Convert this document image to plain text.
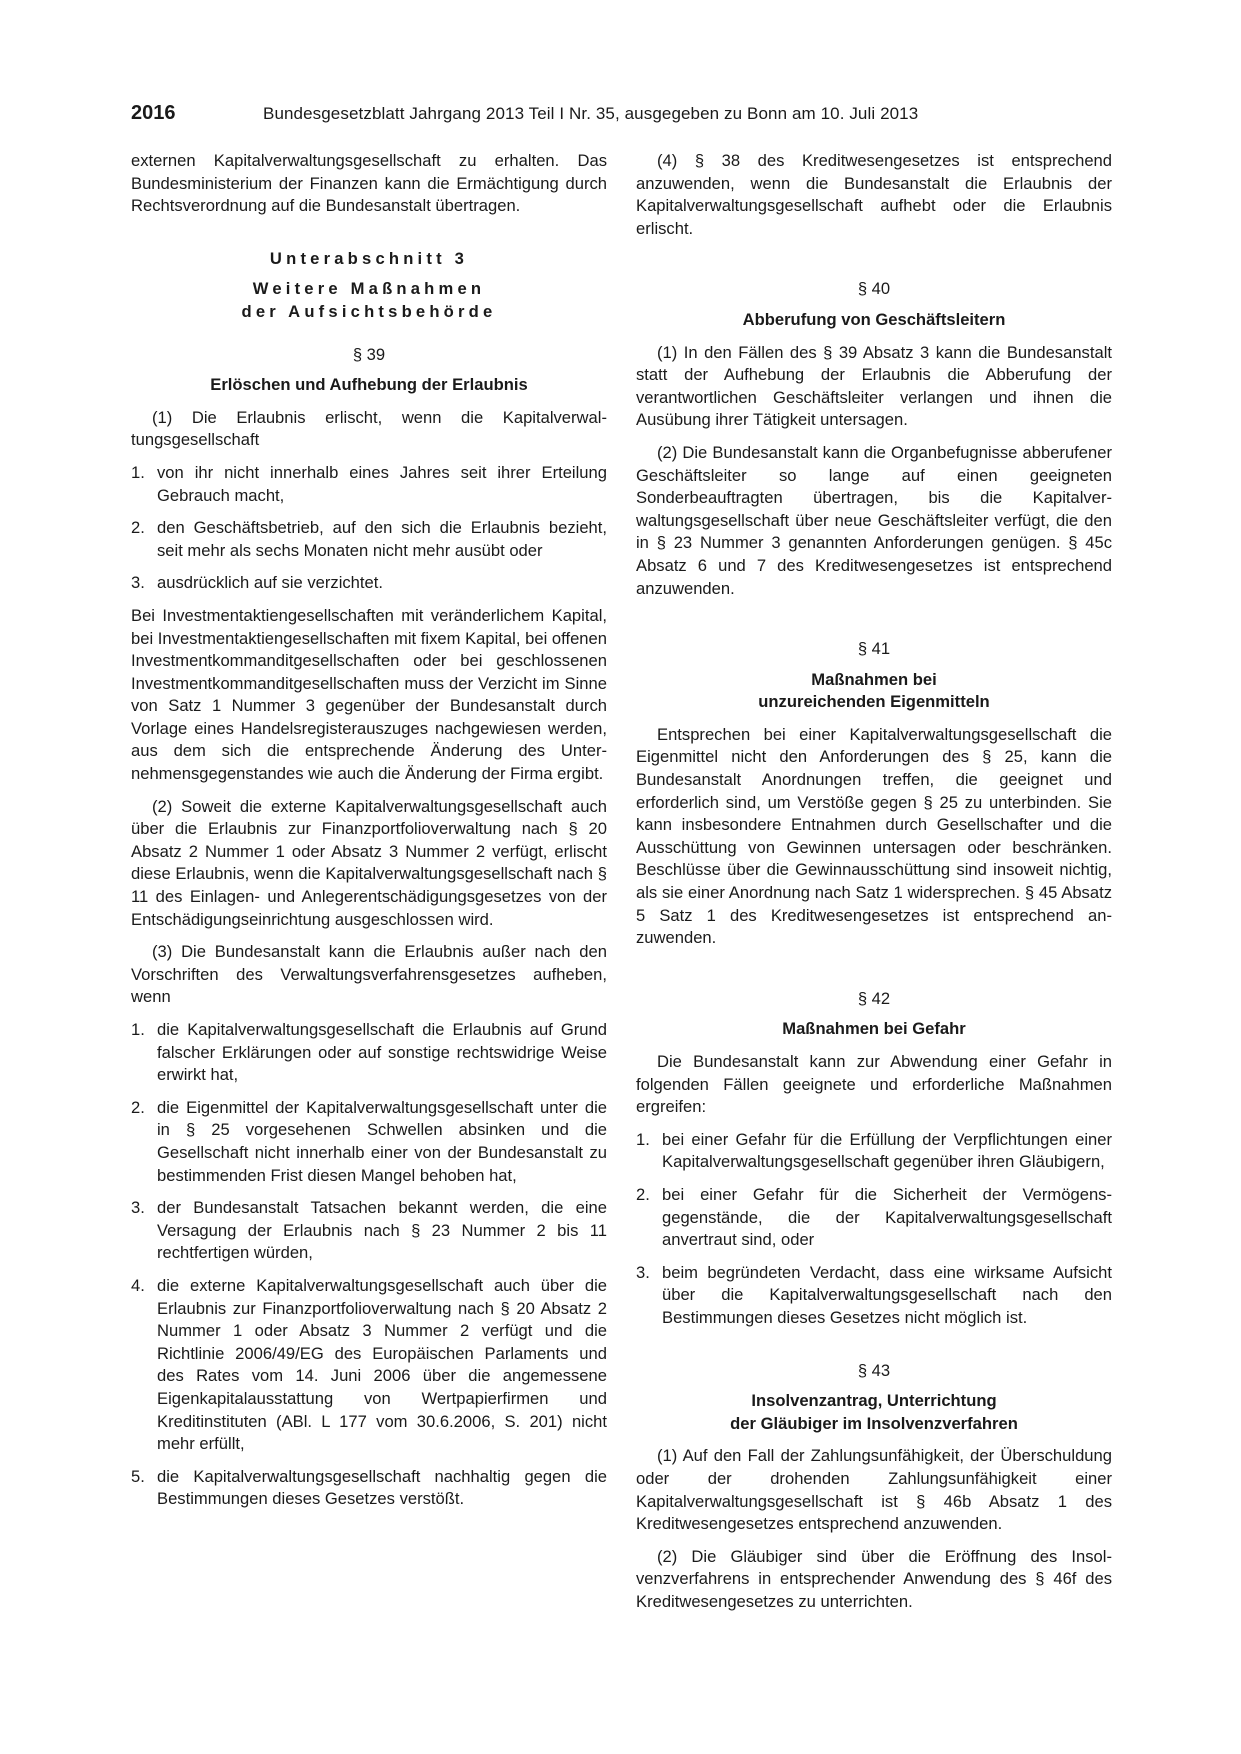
2016	Bundesgesetzblatt Jahrgang 2013 Teil I Nr. 35, ausgegeben zu Bonn am 10. Juli 2013

externen Kapitalverwaltungsgesellschaft zu erhalten. Das Bundesministerium der Finanzen kann die Ermächtigung durch Rechtsverordnung auf die Bundesanstalt übertragen.

Unterabschnitt 3

Weitere Maßnahmen

der Aufsichtsbehörde

§ 39

Erlöschen und Aufhebung der Erlaubnis

(1) Die Erlaubnis erlischt, wenn die Kapitalverwaltungsgesellschaft

1. von ihr nicht innerhalb eines Jahres seit ihrer Erteilung Gebrauch macht,
2. den Geschäftsbetrieb, auf den sich die Erlaubnis bezieht, seit mehr als sechs Monaten nicht mehr ausübt oder
3. ausdrücklich auf sie verzichtet.

Bei Investmentaktiengesellschaften mit veränderlichem Kapital, bei Investmentaktiengesellschaften mit fixem Kapital, bei offenen Investmentkommanditgesellschaften oder bei geschlossenen Investmentkommanditgesellschaften muss der Verzicht im Sinne von Satz 1 Nummer 3 gegenüber der Bundesanstalt durch Vorlage eines Handelsregisterauszuges nachgewiesen werden, aus dem sich die entsprechende Änderung des Unternehmensgegenstandes wie auch die Änderung der Firma ergibt.

(2) Soweit die externe Kapitalverwaltungsgesellschaft auch über die Erlaubnis zur Finanzportfolioverwaltung nach § 20 Absatz 2 Nummer 1 oder Absatz 3 Nummer 2 verfügt, erlischt diese Erlaubnis, wenn die Kapitalverwaltungsgesellschaft nach § 11 des Einlagen- und Anlegerentschädigungsgesetzes von der Entschädigungseinrichtung ausgeschlossen wird.

(3) Die Bundesanstalt kann die Erlaubnis außer nach den Vorschriften des Verwaltungsverfahrensgesetzes aufheben, wenn

1. die Kapitalverwaltungsgesellschaft die Erlaubnis auf Grund falscher Erklärungen oder auf sonstige rechtswidrige Weise erwirkt hat,
2. die Eigenmittel der Kapitalverwaltungsgesellschaft unter die in § 25 vorgesehenen Schwellen absinken und die Gesellschaft nicht innerhalb einer von der Bundesanstalt zu bestimmenden Frist diesen Mangel behoben hat,
3. der Bundesanstalt Tatsachen bekannt werden, die eine Versagung der Erlaubnis nach § 23 Nummer 2 bis 11 rechtfertigen würden,
4. die externe Kapitalverwaltungsgesellschaft auch über die Erlaubnis zur Finanzportfolioverwaltung nach § 20 Absatz 2 Nummer 1 oder Absatz 3 Nummer 2 verfügt und die Richtlinie 2006/49/EG des Europäischen Parlaments und des Rates vom 14. Juni 2006 über die angemessene Eigenkapitalausstattung von Wertpapierfirmen und Kreditinstituten (ABl. L 177 vom 30.6.2006, S. 201) nicht mehr erfüllt,
5. die Kapitalverwaltungsgesellschaft nachhaltig gegen die Bestimmungen dieses Gesetzes verstößt.

(4) § 38 des Kreditwesengesetzes ist entsprechend anzuwenden, wenn die Bundesanstalt die Erlaubnis der Kapitalverwaltungsgesellschaft aufhebt oder die Erlaubnis erlischt.

§ 40

Abberufung von Geschäftsleitern

(1) In den Fällen des § 39 Absatz 3 kann die Bundesanstalt statt der Aufhebung der Erlaubnis die Abberufung der verantwortlichen Geschäftsleiter verlangen und ihnen die Ausübung ihrer Tätigkeit untersagen.

(2) Die Bundesanstalt kann die Organbefugnisse abberufener Geschäftsleiter so lange auf einen geeigneten Sonderbeauftragten übertragen, bis die Kapitalverwaltungsgesellschaft über neue Geschäftsleiter verfügt, die den in § 23 Nummer 3 genannten Anforderungen genügen. § 45c Absatz 6 und 7 des Kreditwesengesetzes ist entsprechend anzuwenden.

§ 41

Maßnahmen bei

unzureichenden Eigenmitteln

Entsprechen bei einer Kapitalverwaltungsgesellschaft die Eigenmittel nicht den Anforderungen des § 25, kann die Bundesanstalt Anordnungen treffen, die geeignet und erforderlich sind, um Verstöße gegen § 25 zu unterbinden. Sie kann insbesondere Entnahmen durch Gesellschafter und die Ausschüttung von Gewinnen untersagen oder beschränken. Beschlüsse über die Gewinnausschüttung sind insoweit nichtig, als sie einer Anordnung nach Satz 1 widersprechen. § 45 Absatz 5 Satz 1 des Kreditwesengesetzes ist entsprechend anzuwenden.

§ 42

Maßnahmen bei Gefahr

Die Bundesanstalt kann zur Abwendung einer Gefahr in folgenden Fällen geeignete und erforderliche Maßnahmen ergreifen:

1. bei einer Gefahr für die Erfüllung der Verpflichtungen einer Kapitalverwaltungsgesellschaft gegenüber ihren Gläubigern,
2. bei einer Gefahr für die Sicherheit der Vermögensgegenstände, die der Kapitalverwaltungsgesellschaft anvertraut sind, oder
3. beim begründeten Verdacht, dass eine wirksame Aufsicht über die Kapitalverwaltungsgesellschaft nach den Bestimmungen dieses Gesetzes nicht möglich ist.

§ 43

Insolvenzantrag, Unterrichtung

der Gläubiger im Insolvenzverfahren

(1) Auf den Fall der Zahlungsunfähigkeit, der Überschuldung oder der drohenden Zahlungsunfähigkeit einer Kapitalverwaltungsgesellschaft ist § 46b Absatz 1 des Kreditwesengesetzes entsprechend anzuwenden.

(2) Die Gläubiger sind über die Eröffnung des Insolvenzverfahrens in entsprechender Anwendung des § 46f des Kreditwesengesetzes zu unterrichten.
